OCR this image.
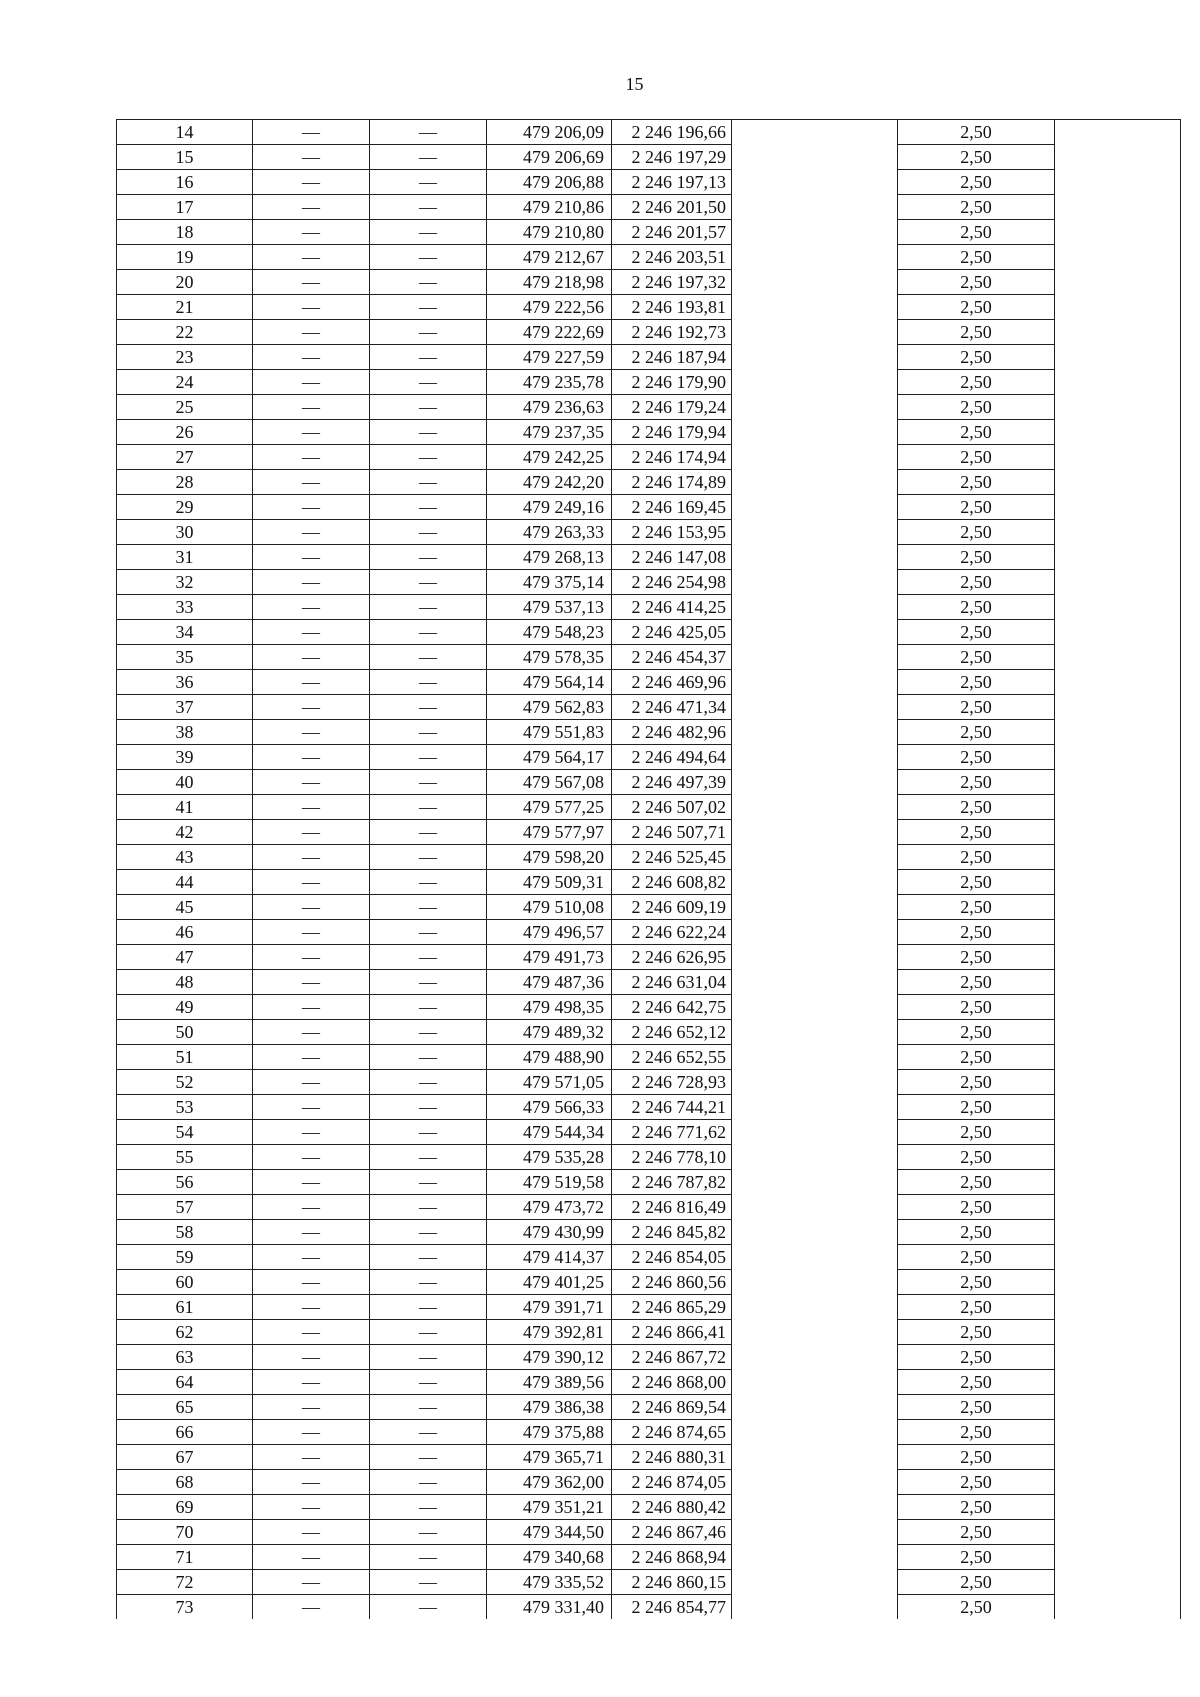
15
14	—	—	479 206,09	2 246 196,66		2,50	
15	—	—	479 206,69	2 246 197,29		2,50	
16	—	—	479 206,88	2 246 197,13		2,50	
17	—	—	479 210,86	2 246 201,50		2,50	
18	—	—	479 210,80	2 246 201,57		2,50	
19	—	—	479 212,67	2 246 203,51		2,50	
20	—	—	479 218,98	2 246 197,32		2,50	
21	—	—	479 222,56	2 246 193,81		2,50	
22	—	—	479 222,69	2 246 192,73		2,50	
23	—	—	479 227,59	2 246 187,94		2,50	
24	—	—	479 235,78	2 246 179,90		2,50	
25	—	—	479 236,63	2 246 179,24		2,50	
26	—	—	479 237,35	2 246 179,94		2,50	
27	—	—	479 242,25	2 246 174,94		2,50	
28	—	—	479 242,20	2 246 174,89		2,50	
29	—	—	479 249,16	2 246 169,45		2,50	
30	—	—	479 263,33	2 246 153,95		2,50	
31	—	—	479 268,13	2 246 147,08		2,50	
32	—	—	479 375,14	2 246 254,98		2,50	
33	—	—	479 537,13	2 246 414,25		2,50	
34	—	—	479 548,23	2 246 425,05		2,50	
35	—	—	479 578,35	2 246 454,37		2,50	
36	—	—	479 564,14	2 246 469,96		2,50	
37	—	—	479 562,83	2 246 471,34		2,50	
38	—	—	479 551,83	2 246 482,96		2,50	
39	—	—	479 564,17	2 246 494,64		2,50	
40	—	—	479 567,08	2 246 497,39		2,50	
41	—	—	479 577,25	2 246 507,02		2,50	
42	—	—	479 577,97	2 246 507,71		2,50	
43	—	—	479 598,20	2 246 525,45		2,50	
44	—	—	479 509,31	2 246 608,82		2,50	
45	—	—	479 510,08	2 246 609,19		2,50	
46	—	—	479 496,57	2 246 622,24		2,50	
47	—	—	479 491,73	2 246 626,95		2,50	
48	—	—	479 487,36	2 246 631,04		2,50	
49	—	—	479 498,35	2 246 642,75		2,50	
50	—	—	479 489,32	2 246 652,12		2,50	
51	—	—	479 488,90	2 246 652,55		2,50	
52	—	—	479 571,05	2 246 728,93		2,50	
53	—	—	479 566,33	2 246 744,21		2,50	
54	—	—	479 544,34	2 246 771,62		2,50	
55	—	—	479 535,28	2 246 778,10		2,50	
56	—	—	479 519,58	2 246 787,82		2,50	
57	—	—	479 473,72	2 246 816,49		2,50	
58	—	—	479 430,99	2 246 845,82		2,50	
59	—	—	479 414,37	2 246 854,05		2,50	
60	—	—	479 401,25	2 246 860,56		2,50	
61	—	—	479 391,71	2 246 865,29		2,50	
62	—	—	479 392,81	2 246 866,41		2,50	
63	—	—	479 390,12	2 246 867,72		2,50	
64	—	—	479 389,56	2 246 868,00		2,50	
65	—	—	479 386,38	2 246 869,54		2,50	
66	—	—	479 375,88	2 246 874,65		2,50	
67	—	—	479 365,71	2 246 880,31		2,50	
68	—	—	479 362,00	2 246 874,05		2,50	
69	—	—	479 351,21	2 246 880,42		2,50	
70	—	—	479 344,50	2 246 867,46		2,50	
71	—	—	479 340,68	2 246 868,94		2,50	
72	—	—	479 335,52	2 246 860,15		2,50	
73	—	—	479 331,40	2 246 854,77		2,50	
